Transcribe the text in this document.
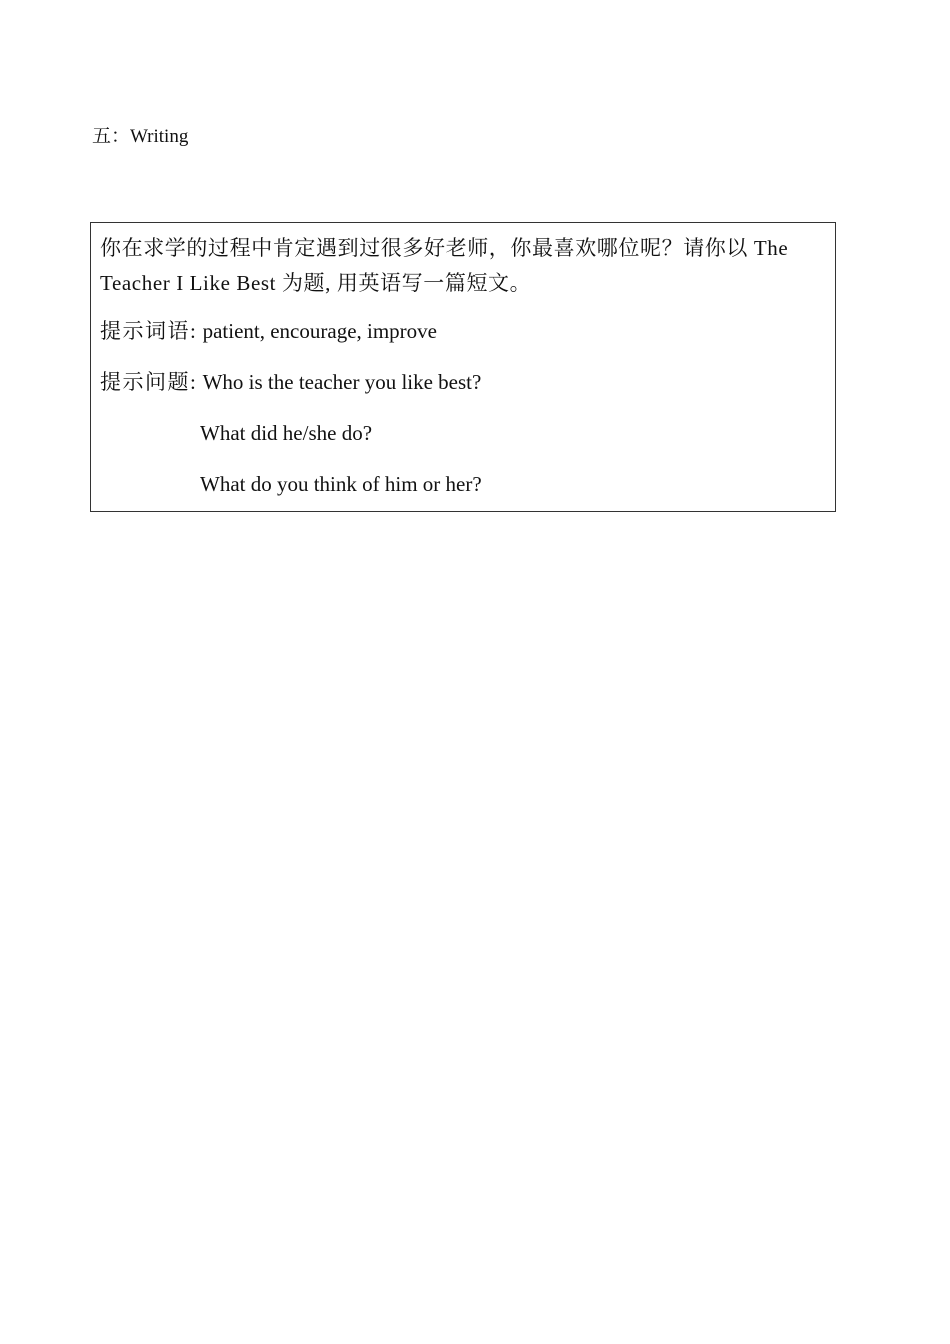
五：Writing

你在求学的过程中肯定遇到过很多好老师，你最喜欢哪位呢？请你以 The Teacher I Like Best 为题, 用英语写一篇短文。

提示词语: patient, encourage, improve

提示问题: Who is the teacher you like best?

What did he/she do?

What do you think of him or her?
